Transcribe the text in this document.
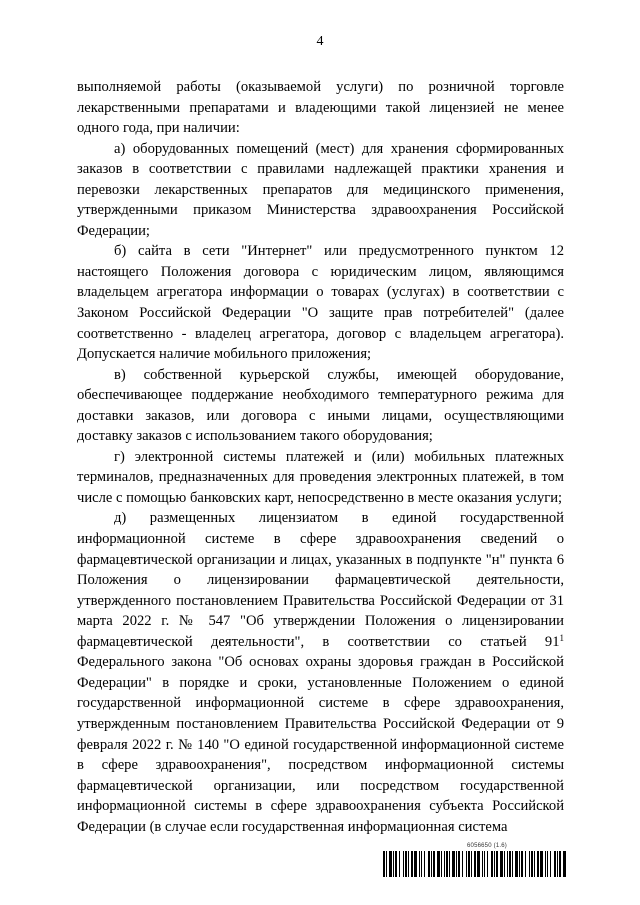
4

выполняемой работы (оказываемой услуги) по розничной торговле лекарственными препаратами и владеющими такой лицензией не менее одного года, при наличии:

а) оборудованных помещений (мест) для хранения сформированных заказов в соответствии с правилами надлежащей практики хранения и перевозки лекарственных препаратов для медицинского применения, утвержденными приказом Министерства здравоохранения Российской Федерации;

б) сайта в сети "Интернет" или предусмотренного пунктом 12 настоящего Положения договора с юридическим лицом, являющимся владельцем агрегатора информации о товарах (услугах) в соответствии с Законом Российской Федерации "О защите прав потребителей" (далее соответственно - владелец агрегатора, договор с владельцем агрегатора). Допускается наличие мобильного приложения;

в) собственной курьерской службы, имеющей оборудование, обеспечивающее поддержание необходимого температурного режима для доставки заказов, или договора с иными лицами, осуществляющими доставку заказов с использованием такого оборудования;

г) электронной системы платежей и (или) мобильных платежных терминалов, предназначенных для проведения электронных платежей, в том числе с помощью банковских карт, непосредственно в месте оказания услуги;

д) размещенных лицензиатом в единой государственной информационной системе в сфере здравоохранения сведений о фармацевтической организации и лицах, указанных в подпункте "н" пункта 6 Положения о лицензировании фармацевтической деятельности, утвержденного постановлением Правительства Российской Федерации от 31 марта 2022 г. № 547 "Об утверждении Положения о лицензировании фармацевтической деятельности", в соответствии со статьей $91^1$ Федерального закона "Об основах охраны здоровья граждан в Российской Федерации" в порядке и сроки, установленные Положением о единой государственной информационной системе в сфере здравоохранения, утвержденным постановлением Правительства Российской Федерации от 9 февраля 2022 г. № 140 "О единой государственной информационной системе в сфере здравоохранения", посредством информационной системы фармацевтической организации, или посредством государственной информационной системы в сфере здравоохранения субъекта Российской Федерации (в случае если государственная информационная система

6056650 (1.6)
